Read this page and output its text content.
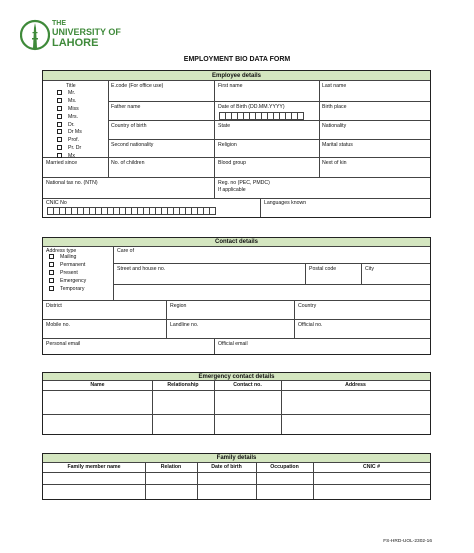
THE
UNIVERSITY OF
LAHORE
EMPLOYMENT BIO DATA FORM
Employee details
Title
Mr.
Ms.
Miss
Mrs.
Dr.
Dr Ms
Prof.
Pr. Dr
Mx
E.code (For office use)	First name	Last name
Father name	Date of Birth (DD.MM.YYYY)	Birth place
Country of birth	State	Nationality
Second nationality	Religion	Marital status
Married since	No. of children	Blood group	Next of kin
National tax no. (NTN)	Reg. no (PEC, PMDC)
If applicable
CNIC No	Languages known
Contact details
Address type
Mailing
Permanent
Present
Emergency
Temporary
Care of
Street and house no.	Postal code	City
District	Region	Country
Mobile no.	Landline no.	Official no.
Personal email	Official email
Emergency contact details
Name	Relationship	Contact no.	Address
Family details
Family member name	Relation	Date of birth	Occupation	CNIC #
FS-HRD-UOL-2302-16
